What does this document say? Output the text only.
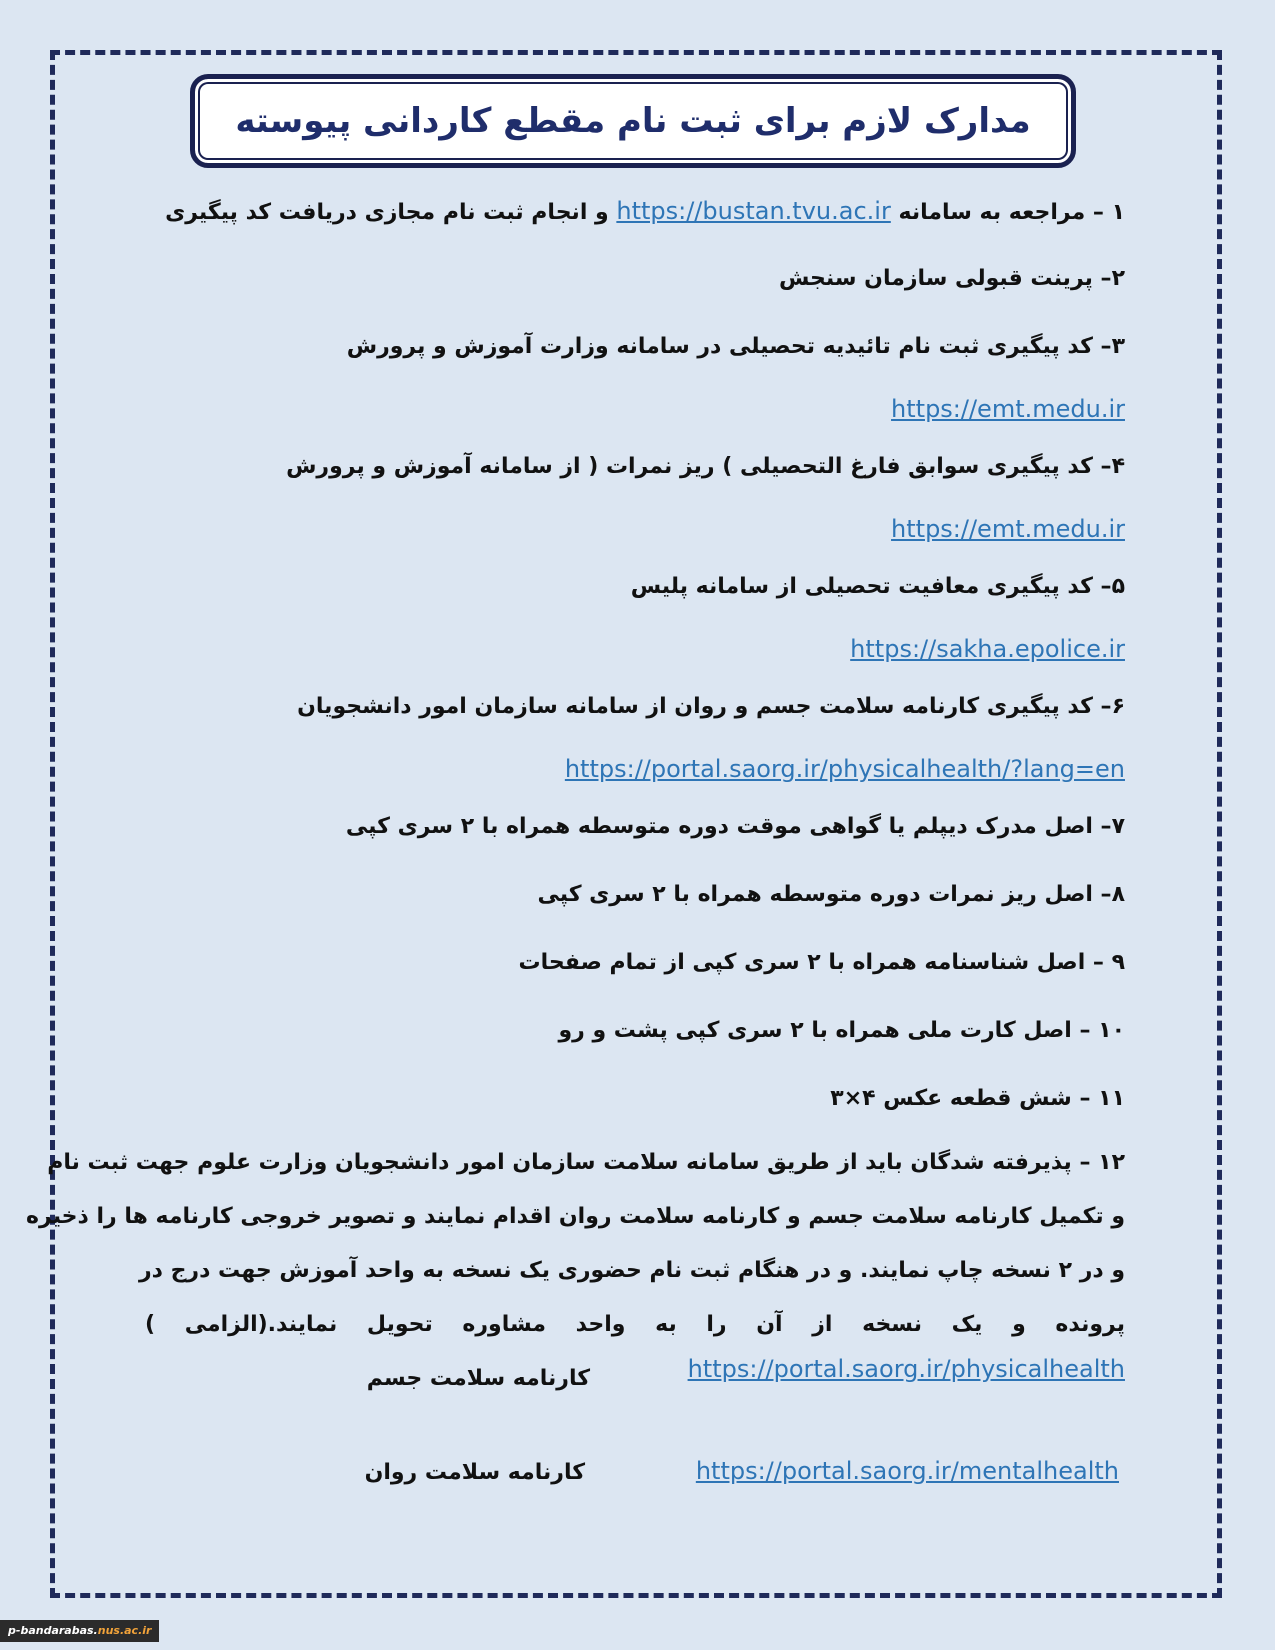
مدارک لازم برای ثبت نام مقطع کاردانی پیوسته
۱ – مراجعه به سامانه https://bustan.tvu.ac.ir و انجام ثبت نام مجازی دریافت کد پیگیری
۲– پرینت قبولی سازمان سنجش
۳– کد پیگیری ثبت نام تائیدیه تحصیلی در سامانه وزارت آموزش و پرورش
https://emt.medu.ir
۴– کد پیگیری سوابق فارغ التحصیلی ) ریز نمرات ( از سامانه آموزش و پرورش
https://emt.medu.ir
۵– کد پیگیری معافیت تحصیلی از سامانه پلیس
https://sakha.epolice.ir
۶– کد پیگیری کارنامه سلامت جسم و روان از سامانه سازمان امور دانشجویان
https://portal.saorg.ir/physicalhealth/?lang=en
۷– اصل مدرک دیپلم یا گواهی موقت دوره متوسطه همراه با ۲ سری کپی
۸– اصل ریز نمرات دوره متوسطه همراه با ۲ سری کپی
۹ – اصل شناسنامه همراه با ۲ سری کپی از تمام صفحات
۱۰ – اصل کارت ملی همراه با ۲ سری کپی پشت و رو
۱۱ – شش قطعه عکس ۴×۳
۱۲ – پذیرفته شدگان باید از طریق سامانه سلامت سازمان امور دانشجویان وزارت علوم جهت ثبت نام
و تکمیل کارنامه سلامت جسم و کارنامه سلامت روان اقدام نمایند و تصویر خروجی کارنامه ها را ذخیره
و در ۲ نسخه چاپ نمایند. و در هنگام ثبت نام حضوری یک نسخه به واحد آموزش جهت درج در
پرونده و یک نسخه از آن را به واحد مشاوره تحویل نمایند.(الزامی )
https://portal.saorg.ir/physicalhealth
کارنامه سلامت جسم
https://portal.saorg.ir/mentalhealth
کارنامه سلامت روان
p-bandarabas.nus.ac.ir
